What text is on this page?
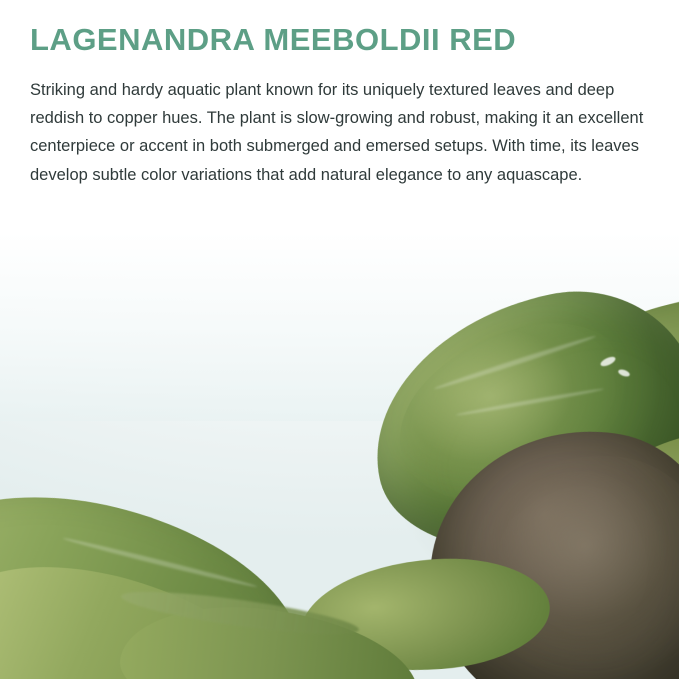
LAGENANDRA MEEBOLDII RED

Striking and hardy aquatic plant known for its uniquely textured leaves and deep reddish to copper hues. The plant is slow-growing and robust, making it an excellent centerpiece or accent in both submerged and emersed setups. With time, its leaves develop subtle color variations that add natural elegance to any aquascape.
